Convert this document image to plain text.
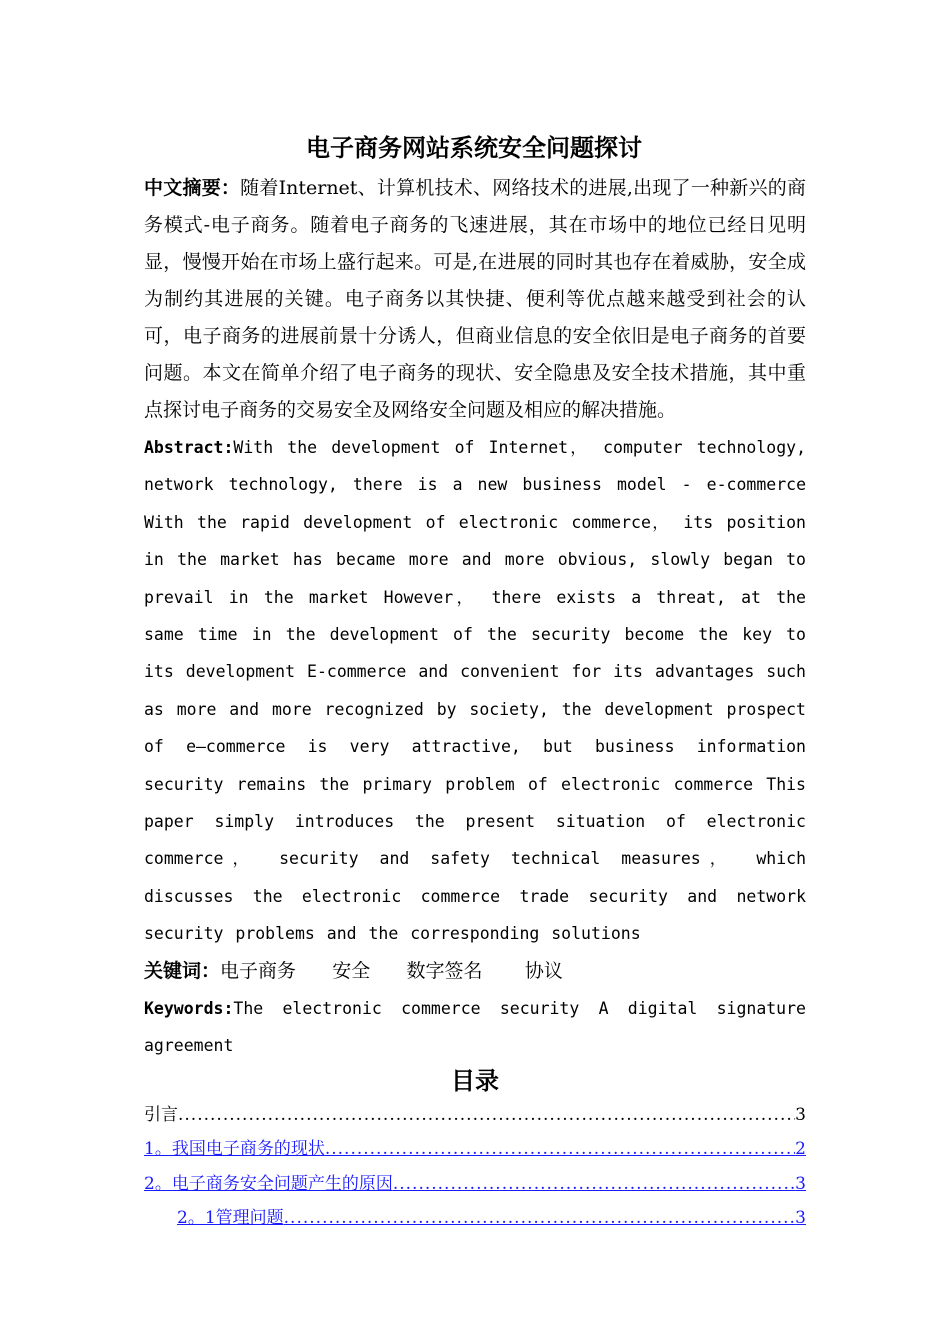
电子商务网站系统安全问题探讨

中文摘要：随着Internet、计算机技术、网络技术的进展,出现了一种新兴的商务模式-电子商务。随着电子商务的飞速进展，其在市场中的地位已经日见明显，慢慢开始在市场上盛行起来。可是,在进展的同时其也存在着威胁，安全成为制约其进展的关键。电子商务以其快捷、便利等优点越来越受到社会的认可，电子商务的进展前景十分诱人，但商业信息的安全依旧是电子商务的首要问题。本文在简单介绍了电子商务的现状、安全隐患及安全技术措施，其中重点探讨电子商务的交易安全及网络安全问题及相应的解决措施。

Abstract:With the development of Internet， computer technology, network technology, there is a new business model - e-commerce With the rapid development of electronic commerce， its position in the market has became more and more obvious, slowly began to prevail in the market However， there exists a threat, at the same time in the development of the security become the key to its development E-commerce and convenient for its advantages such as more and more recognized by society, the development prospect of e—commerce is very attractive, but business information security remains the primary problem of electronic commerce This paper simply introduces the present situation of electronic commerce， security and safety technical measures， which discusses the electronic commerce trade security and network security problems and the corresponding solutions

关键词：电子商务 安全 数字签名 协议

Keywords:The electronic commerce security A digital signature agreement

目录
引言 .....	3
1。我国电子商务的现状 .....	2
2。电子商务安全问题产生的原因 .....	3
2。1管理问题 .....	3
